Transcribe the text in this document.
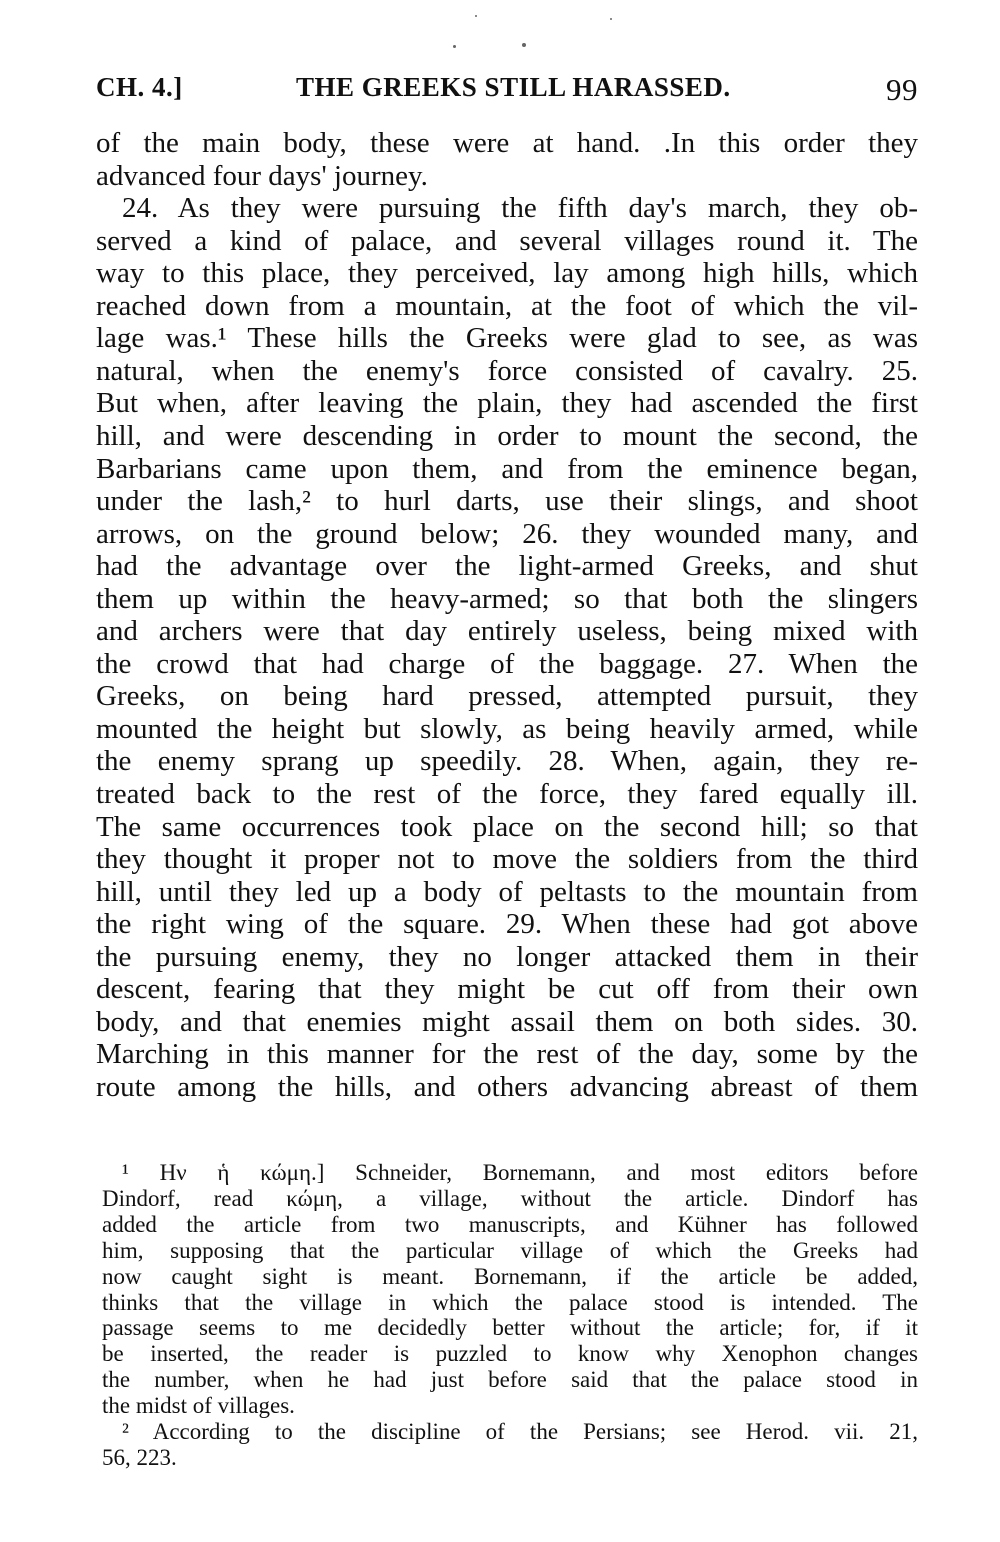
CH. 4.]	THE GREEKS STILL HARASSED.	99
of the main body, these were at hand. .In this order they
advanced four days' journey.
24. As they were pursuing the fifth day's march, they ob-
served a kind of palace, and several villages round it. The
way to this place, they perceived, lay among high hills, which
reached down from a mountain, at the foot of which the vil-
lage was.¹ These hills the Greeks were glad to see, as was
natural, when the enemy's force consisted of cavalry. 25.
But when, after leaving the plain, they had ascended the first
hill, and were descending in order to mount the second, the
Barbarians came upon them, and from the eminence began,
under the lash,² to hurl darts, use their slings, and shoot
arrows, on the ground below; 26. they wounded many, and
had the advantage over the light-armed Greeks, and shut
them up within the heavy-armed; so that both the slingers
and archers were that day entirely useless, being mixed with
the crowd that had charge of the baggage. 27. When the
Greeks, on being hard pressed, attempted pursuit, they
mounted the height but slowly, as being heavily armed, while
the enemy sprang up speedily. 28. When, again, they re-
treated back to the rest of the force, they fared equally ill.
The same occurrences took place on the second hill; so that
they thought it proper not to move the soldiers from the third
hill, until they led up a body of peltasts to the mountain from
the right wing of the square. 29. When these had got above
the pursuing enemy, they no longer attacked them in their
descent, fearing that they might be cut off from their own
body, and that enemies might assail them on both sides. 30.
Marching in this manner for the rest of the day, some by the
route among the hills, and others advancing abreast of them
¹ Ην ἡ κώμη.] Schneider, Bornemann, and most editors before
Dindorf, read κώμη, a village, without the article. Dindorf has
added the article from two manuscripts, and Kühner has followed
him, supposing that the particular village of which the Greeks had
now caught sight is meant. Bornemann, if the article be added,
thinks that the village in which the palace stood is intended. The
passage seems to me decidedly better without the article; for, if it
be inserted, the reader is puzzled to know why Xenophon changes
the number, when he had just before said that the palace stood in
the midst of villages.
² According to the discipline of the Persians; see Herod. vii. 21,
56, 223.
